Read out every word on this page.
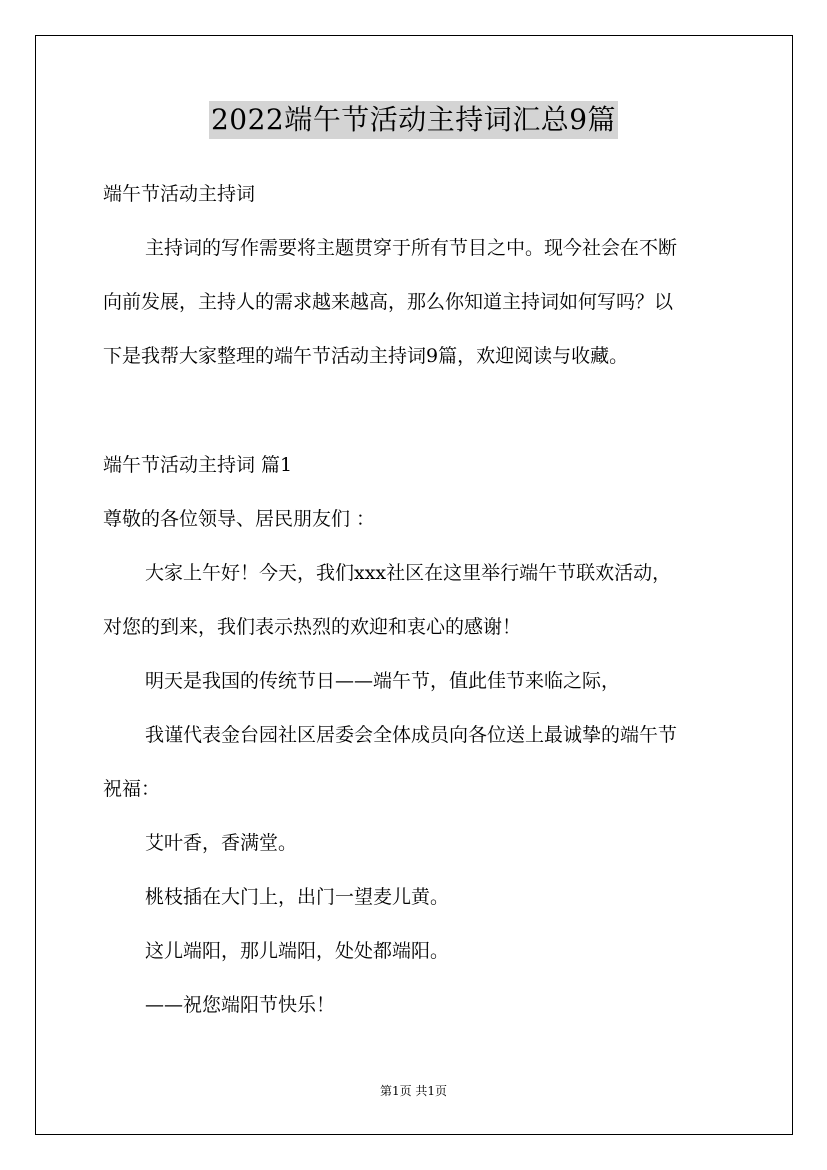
2022端午节活动主持词汇总9篇
端午节活动主持词
主持词的写作需要将主题贯穿于所有节目之中。现今社会在不断
向前发展，主持人的需求越来越高，那么你知道主持词如何写吗？以
下是我帮大家整理的端午节活动主持词9篇，欢迎阅读与收藏。
端午节活动主持词 篇1
尊敬的各位领导、居民朋友们 ：
大家上午好！今天，我们xxx社区在这里举行端午节联欢活动，
对您的到来，我们表示热烈的欢迎和衷心的感谢！
明天是我国的传统节日——端午节，值此佳节来临之际，
我谨代表金台园社区居委会全体成员向各位送上最诚挚的端午节
祝福：
艾叶香，香满堂。
桃枝插在大门上，出门一望麦儿黄。
这儿端阳，那儿端阳，处处都端阳。
——祝您端阳节快乐！
第1页 共1页
